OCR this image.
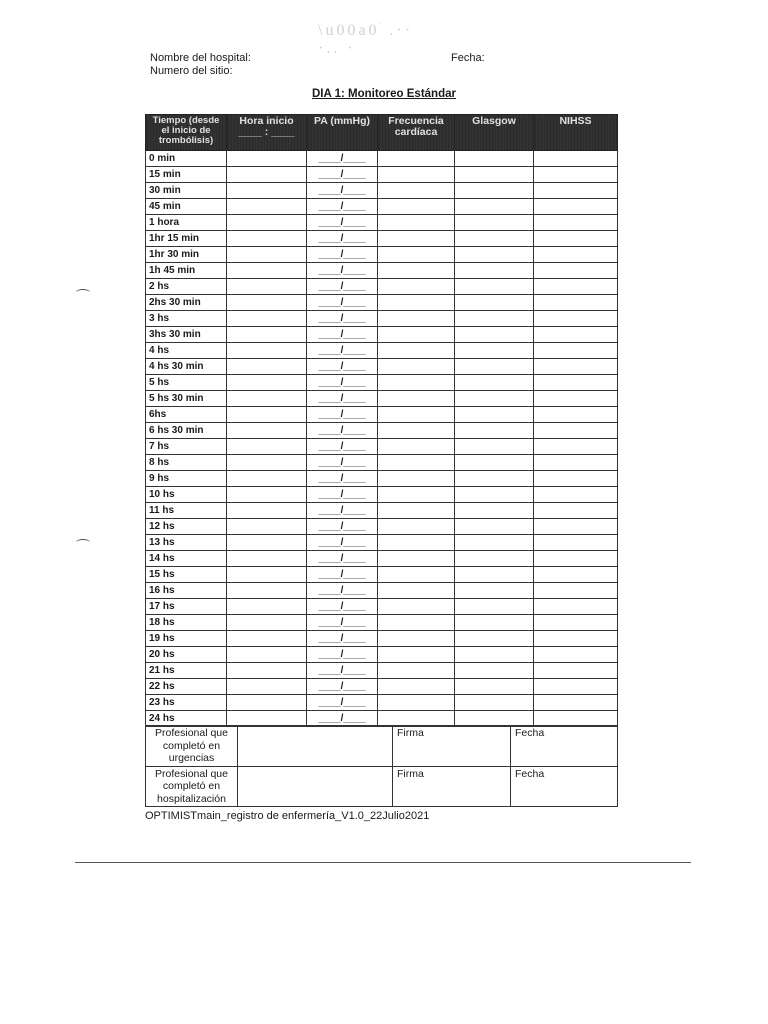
\u00a0ׁ .·· ·.. ·
· · · · · · · · · · · · · ·
Nombre del hospital:
Numero del sitio:
Fecha:
DIA 1: Monitoreo Estándar
Tiempo (desde el inicio de trombólisis)	Hora inicio ____ : ____	PA (mmHg)	Frecuencia cardíaca	Glasgow	NIHSS
0 min		____/____			
15 min		____/____			
30 min		____/____			
45 min		____/____			
1 hora		____/____			
1hr 15 min		____/____			
1hr 30 min		____/____			
1h 45 min		____/____			
2 hs		____/____			
2hs 30 min		____/____			
3 hs		____/____			
3hs 30 min		____/____			
4 hs		____/____			
4 hs 30 min		____/____			
5 hs		____/____			
5 hs 30 min		____/____			
6hs		____/____			
6 hs 30 min		____/____			
7 hs		____/____			
8 hs		____/____			
9 hs		____/____			
10 hs		____/____			
11 hs		____/____			
12 hs		____/____			
13 hs		____/____			
14 hs		____/____			
15 hs		____/____			
16 hs		____/____			
17 hs		____/____			
18 hs		____/____			
19 hs		____/____			
20 hs		____/____			
21 hs		____/____			
22 hs		____/____			
23 hs		____/____			
24 hs		____/____			
Profesional que completó en urgencias		Firma	Fecha
Profesional que completó en hospitalización		Firma	Fecha
OPTIMISTmain_registro de enfermería_V1.0_22Julio2021
